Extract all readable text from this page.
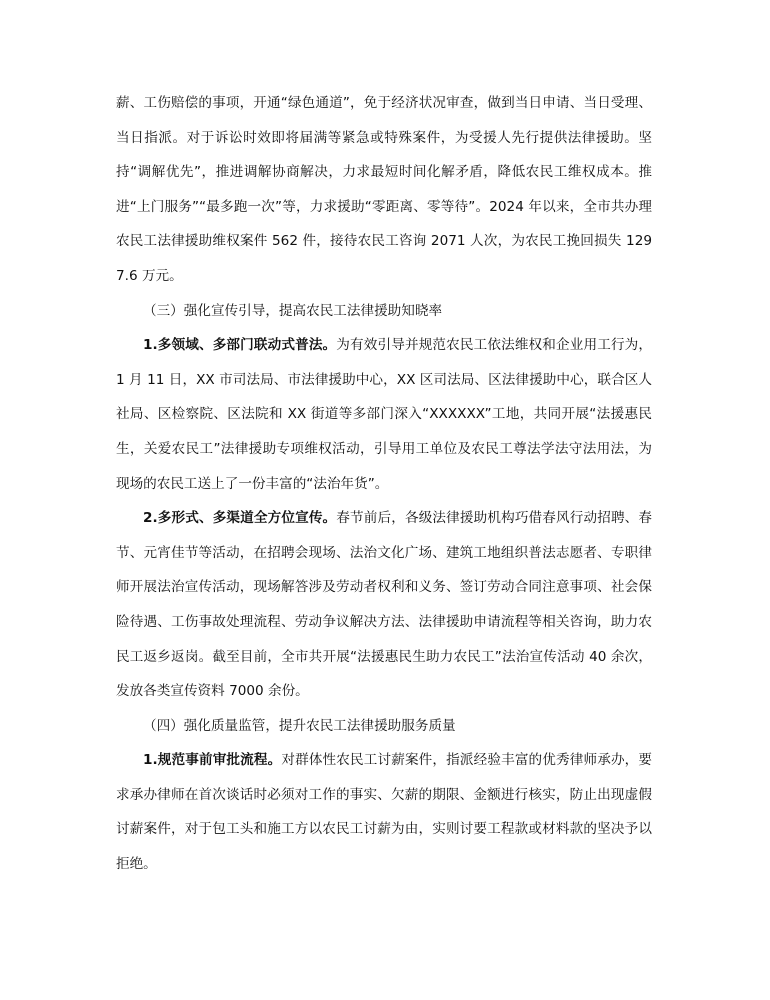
薪、工伤赔偿的事项，开通“绿色通道”，免于经济状况审查，做到当日申请、当日受理、当日指派。对于诉讼时效即将届满等紧急或特殊案件，为受援人先行提供法律援助。坚持“调解优先”，推进调解协商解决，力求最短时间化解矛盾，降低农民工维权成本。推进“上门服务”“最多跑一次”等，力求援助“零距离、零等待”。2024 年以来，全市共办理农民工法律援助维权案件 562 件，接待农民工咨询 2071 人次，为农民工挽回损失 1297.6 万元。

（三）强化宣传引导，提高农民工法律援助知晓率

1.多领域、多部门联动式普法。为有效引导并规范农民工依法维权和企业用工行为，1 月 11 日，XX 市司法局、市法律援助中心，XX 区司法局、区法律援助中心，联合区人社局、区检察院、区法院和 XX 街道等多部门深入“XXXXXX”工地，共同开展“法援惠民生，关爱农民工”法律援助专项维权活动，引导用工单位及农民工尊法学法守法用法，为现场的农民工送上了一份丰富的“法治年货”。

2.多形式、多渠道全方位宣传。春节前后，各级法律援助机构巧借春风行动招聘、春节、元宵佳节等活动，在招聘会现场、法治文化广场、建筑工地组织普法志愿者、专职律师开展法治宣传活动，现场解答涉及劳动者权利和义务、签订劳动合同注意事项、社会保险待遇、工伤事故处理流程、劳动争议解决方法、法律援助申请流程等相关咨询，助力农民工返乡返岗。截至目前，全市共开展“法援惠民生助力农民工”法治宣传活动 40 余次，发放各类宣传资料 7000 余份。

（四）强化质量监管，提升农民工法律援助服务质量

1.规范事前审批流程。对群体性农民工讨薪案件，指派经验丰富的优秀律师承办，要求承办律师在首次谈话时必须对工作的事实、欠薪的期限、金额进行核实，防止出现虚假讨薪案件，对于包工头和施工方以农民工讨薪为由，实则讨要工程款或材料款的坚决予以拒绝。
